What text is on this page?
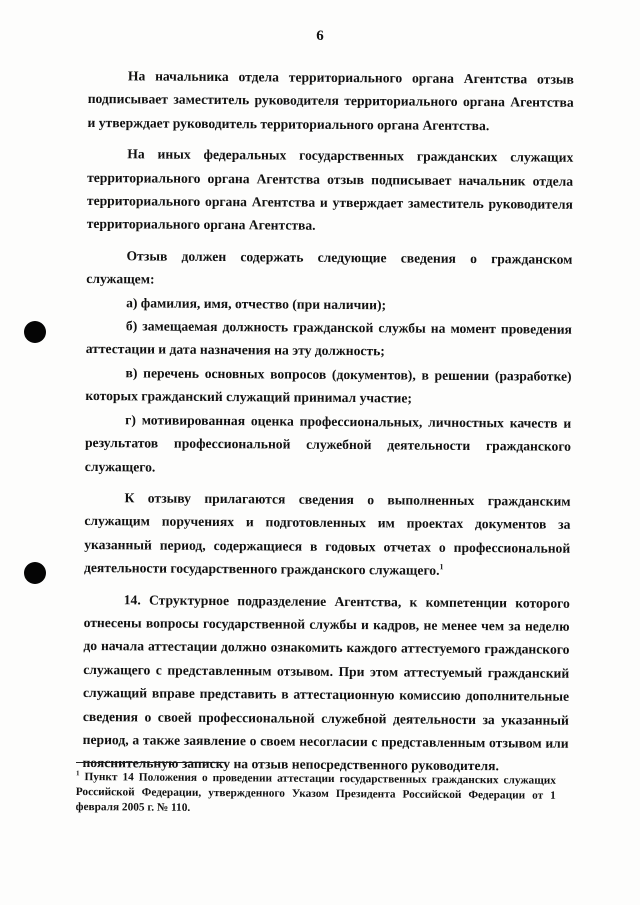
6

На начальника отдела территориального органа Агентства отзыв подписывает заместитель руководителя территориального органа Агентства и утверждает руководитель территориального органа Агентства.

На иных федеральных государственных гражданских служащих территориального органа Агентства отзыв подписывает начальник отдела территориального органа Агентства и утверждает заместитель руководителя территориального органа Агентства.

Отзыв должен содержать следующие сведения о гражданском служащем:

а) фамилия, имя, отчество (при наличии);

б) замещаемая должность гражданской службы на момент проведения аттестации и дата назначения на эту должность;

в) перечень основных вопросов (документов), в решении (разработке) которых гражданский служащий принимал участие;

г) мотивированная оценка профессиональных, личностных качеств и результатов профессиональной служебной деятельности гражданского служащего.

К отзыву прилагаются сведения о выполненных гражданским служащим поручениях и подготовленных им проектах документов за указанный период, содержащиеся в годовых отчетах о профессиональной деятельности государственного гражданского служащего.$^1$

14. Структурное подразделение Агентства, к компетенции которого отнесены вопросы государственной службы и кадров, не менее чем за неделю до начала аттестации должно ознакомить каждого аттестуемого гражданского служащего с представленным отзывом. При этом аттестуемый гражданский служащий вправе представить в аттестационную комиссию дополнительные сведения о своей профессиональной служебной деятельности за указанный период, а также заявление о своем несогласии с представленным отзывом или пояснительную записку на отзыв непосредственного руководителя.

$^1$ Пункт 14 Положения о проведении аттестации государственных гражданских служащих Российской Федерации, утвержденного Указом Президента Российской Федерации от 1 февраля 2005 г. № 110.
